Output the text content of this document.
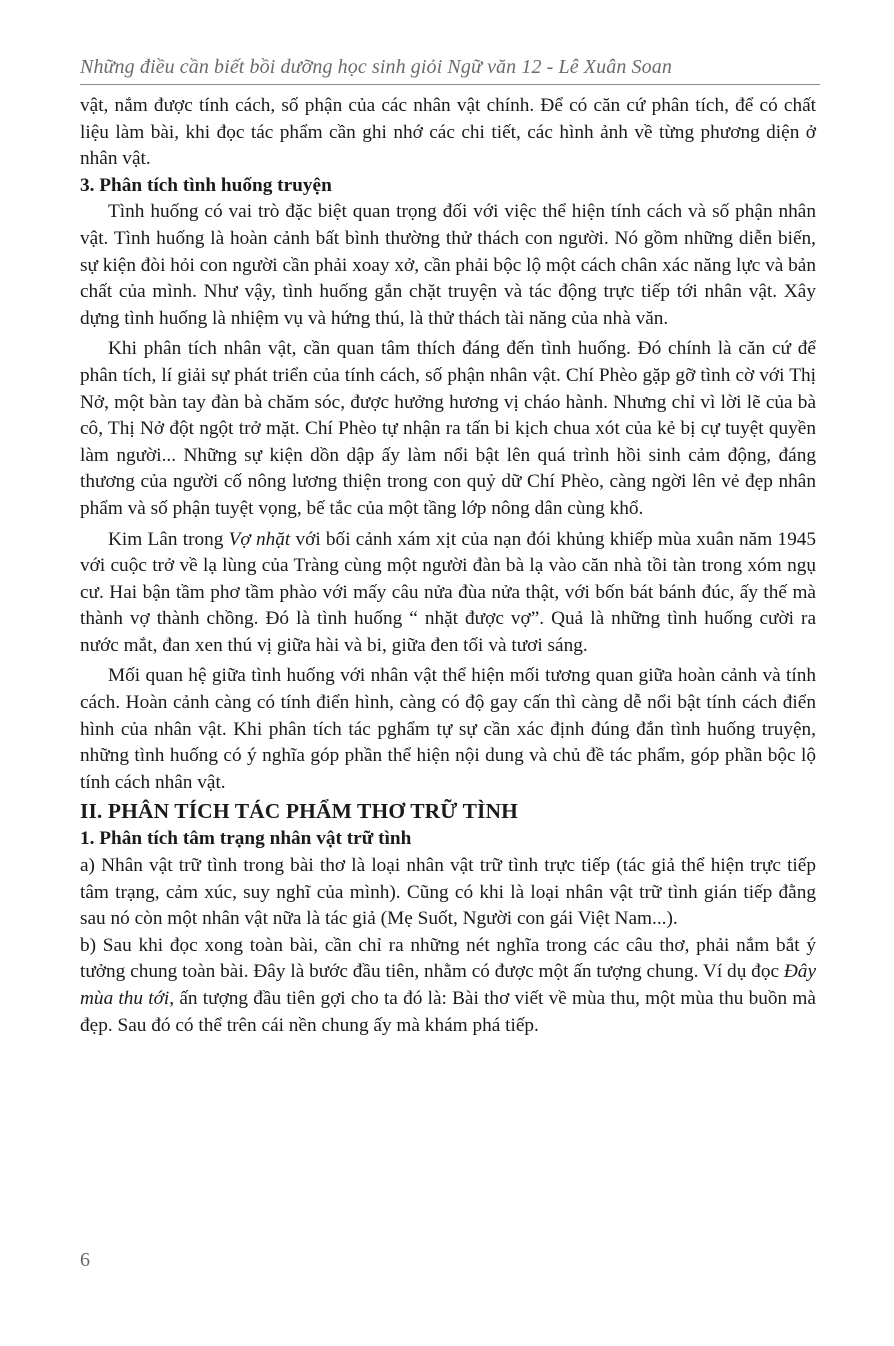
Những điều cần biết bồi dưỡng học sinh giỏi Ngữ văn 12 - Lê Xuân Soan

vật, nắm được tính cách, số phận của các nhân vật chính. Để có căn cứ phân tích, để có chất liệu làm bài, khi đọc tác phẩm cần ghi nhớ các chi tiết, các hình ảnh về từng phương diện ở nhân vật.

3. Phân tích tình huống truyện

Tình huống có vai trò đặc biệt quan trọng đối với việc thể hiện tính cách và số phận nhân vật. Tình huống là hoàn cảnh bất bình thường thử thách con người. Nó gồm những diễn biến, sự kiện đòi hỏi con người cần phải xoay xở, cần phải bộc lộ một cách chân xác năng lực và bản chất của mình. Như vậy, tình huống gắn chặt truyện và tác động trực tiếp tới nhân vật. Xây dựng tình huống là nhiệm vụ và hứng thú, là thử thách tài năng của nhà văn.

Khi phân tích nhân vật, cần quan tâm thích đáng đến tình huống. Đó chính là căn cứ để phân tích, lí giải sự phát triển của tính cách, số phận nhân vật. Chí Phèo gặp gỡ tình cờ với Thị Nở, một bàn tay đàn bà chăm sóc, được hưởng hương vị cháo hành. Nhưng chỉ vì lời lẽ của bà cô, Thị Nở đột ngột trở mặt. Chí Phèo tự nhận ra tấn bi kịch chua xót của kẻ bị cự tuyệt quyền làm người... Những sự kiện dồn dập ấy làm nổi bật lên quá trình hồi sinh cảm động, đáng thương của người cố nông lương thiện trong con quỷ dữ Chí Phèo, càng ngời lên vẻ đẹp nhân phẩm và số phận tuyệt vọng, bế tắc của một tầng lớp nông dân cùng khổ.

Kim Lân trong Vợ nhặt với bối cảnh xám xịt của nạn đói khủng khiếp mùa xuân năm 1945 với cuộc trở về lạ lùng của Tràng cùng một người đàn bà lạ vào căn nhà tồi tàn trong xóm ngụ cư. Hai bận tầm phơ tầm phào với mấy câu nửa đùa nửa thật, với bốn bát bánh đúc, ấy thế mà thành vợ thành chồng. Đó là tình huống “ nhặt được vợ”. Quả là những tình huống cười ra nước mắt, đan xen thú vị giữa hài và bi, giữa đen tối và tươi sáng.

Mối quan hệ giữa tình huống với nhân vật thể hiện mối tương quan giữa hoàn cảnh và tính cách. Hoàn cảnh càng có tính điển hình, càng có độ gay cấn thì càng dễ nổi bật tính cách điển hình của nhân vật. Khi phân tích tác pghẩm tự sự cần xác định đúng đắn tình huống truyện, những tình huống có ý nghĩa góp phần thể hiện nội dung và chủ đề tác phẩm, góp phần bộc lộ tính cách nhân vật.

II. PHÂN TÍCH TÁC PHẨM THƠ TRỮ TÌNH

1. Phân tích tâm trạng nhân vật trữ tình

a) Nhân vật trữ tình trong bài thơ là loại nhân vật trữ tình trực tiếp (tác giả thể hiện trực tiếp tâm trạng, cảm xúc, suy nghĩ của mình). Cũng có khi là loại nhân vật trữ tình gián tiếp đằng sau nó còn một nhân vật nữa là tác giả (Mẹ Suốt, Người con gái Việt Nam...).

b) Sau khi đọc xong toàn bài, cần chỉ ra những nét nghĩa trong các câu thơ, phải nắm bắt ý tưởng chung toàn bài. Đây là bước đầu tiên, nhằm có được một ấn tượng chung. Ví dụ đọc Đây mùa thu tới, ấn tượng đầu tiên gợi cho ta đó là: Bài thơ viết về mùa thu, một mùa thu buồn mà đẹp. Sau đó có thể trên cái nền chung ấy mà khám phá tiếp.

6
